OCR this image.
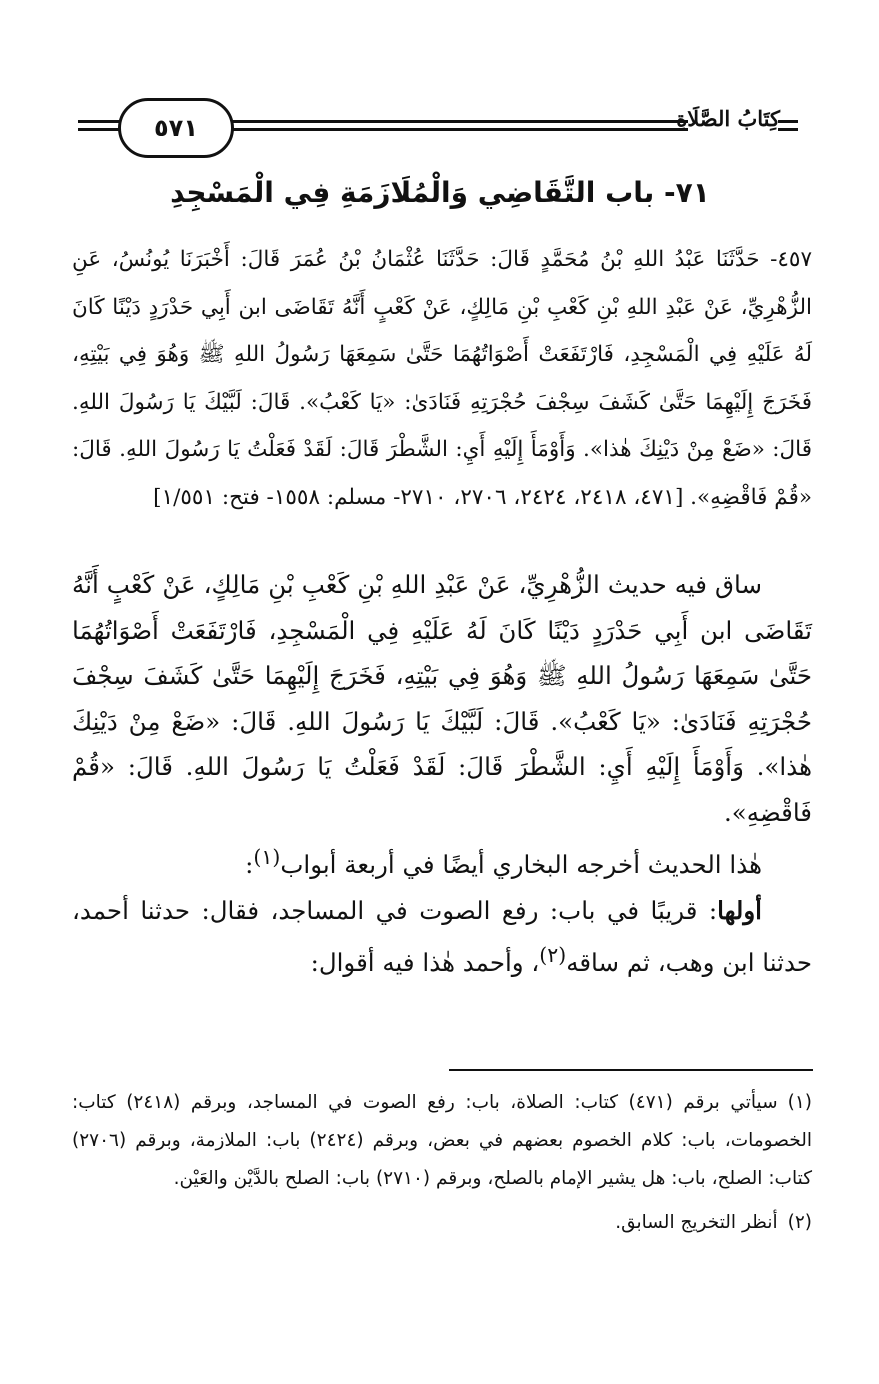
٥٧١	كِتَابُ الصَّلَاةِ
٧١- باب التَّقَاضِي وَالْمُلَازَمَةِ فِي الْمَسْجِدِ

٤٥٧- حَدَّثَنَا عَبْدُ اللهِ بْنُ مُحَمَّدٍ قَالَ: حَدَّثَنَا عُثْمَانُ بْنُ عُمَرَ قَالَ: أَخْبَرَنَا يُونُسُ، عَنِ الزُّهْرِيِّ، عَنْ عَبْدِ اللهِ بْنِ كَعْبِ بْنِ مَالِكٍ، عَنْ كَعْبٍ أَنَّهُ تَقَاضَى ابن أَبِي حَدْرَدٍ دَيْنًا كَانَ لَهُ عَلَيْهِ فِي الْمَسْجِدِ، فَارْتَفَعَتْ أَصْوَاتُهُمَا حَتَّىٰ سَمِعَهَا رَسُولُ اللهِ ﷺ وَهُوَ فِي بَيْتِهِ، فَخَرَجَ إِلَيْهِمَا حَتَّىٰ كَشَفَ سِجْفَ حُجْرَتِهِ فَنَادَىٰ: «يَا كَعْبُ». قَالَ: لَبَّيْكَ يَا رَسُولَ اللهِ. قَالَ: «ضَعْ مِنْ دَيْنِكَ هٰذا». وَأَوْمَأَ إِلَيْهِ أَيِ: الشَّطْرَ قَالَ: لَقَدْ فَعَلْتُ يَا رَسُولَ اللهِ. قَالَ: «قُمْ فَاقْضِهِ». [٤٧١، ٢٤١٨، ٢٤٢٤، ٢٧٠٦، ٢٧١٠- مسلم: ١٥٥٨- فتح: ١/٥٥١]

ساق فيه حديث الزُّهْرِيِّ، عَنْ عَبْدِ اللهِ بْنِ كَعْبِ بْنِ مَالِكٍ، عَنْ كَعْبٍ أَنَّهُ تَقَاضَى ابن أَبِي حَدْرَدٍ دَيْنًا كَانَ لَهُ عَلَيْهِ فِي الْمَسْجِدِ، فَارْتَفَعَتْ أَصْوَاتُهُمَا حَتَّىٰ سَمِعَهَا رَسُولُ اللهِ ﷺ وَهُوَ فِي بَيْتِهِ، فَخَرَجَ إِلَيْهِمَا حَتَّىٰ كَشَفَ سِجْفَ حُجْرَتِهِ فَنَادَىٰ: «يَا كَعْبُ». قَالَ: لَبَّيْكَ يَا رَسُولَ اللهِ. قَالَ: «ضَعْ مِنْ دَيْنِكَ هٰذا». وَأَوْمَأَ إِلَيْهِ أَيِ: الشَّطْرَ قَالَ: لَقَدْ فَعَلْتُ يَا رَسُولَ اللهِ. قَالَ: «قُمْ فَاقْضِهِ».

هٰذا الحديث أخرجه البخاري أيضًا في أربعة أبواب$^{(١)}$:

أولها: قريبًا في باب: رفع الصوت في المساجد، فقال: حدثنا أحمد، حدثنا ابن وهب، ثم ساقه$^{(٢)}$، وأحمد هٰذا فيه أقوال:

(١)سيأتي برقم (٤٧١) كتاب: الصلاة، باب: رفع الصوت في المساجد، وبرقم (٢٤١٨) كتاب: الخصومات، باب: كلام الخصوم بعضهم في بعض، وبرقم (٢٤٢٤) باب: الملازمة، وبرقم (٢٧٠٦) كتاب: الصلح، باب: هل يشير الإمام بالصلح، وبرقم (٢٧١٠) باب: الصلح بالدَّيْن والعَيْن.

(٢)أنظر التخريج السابق.
